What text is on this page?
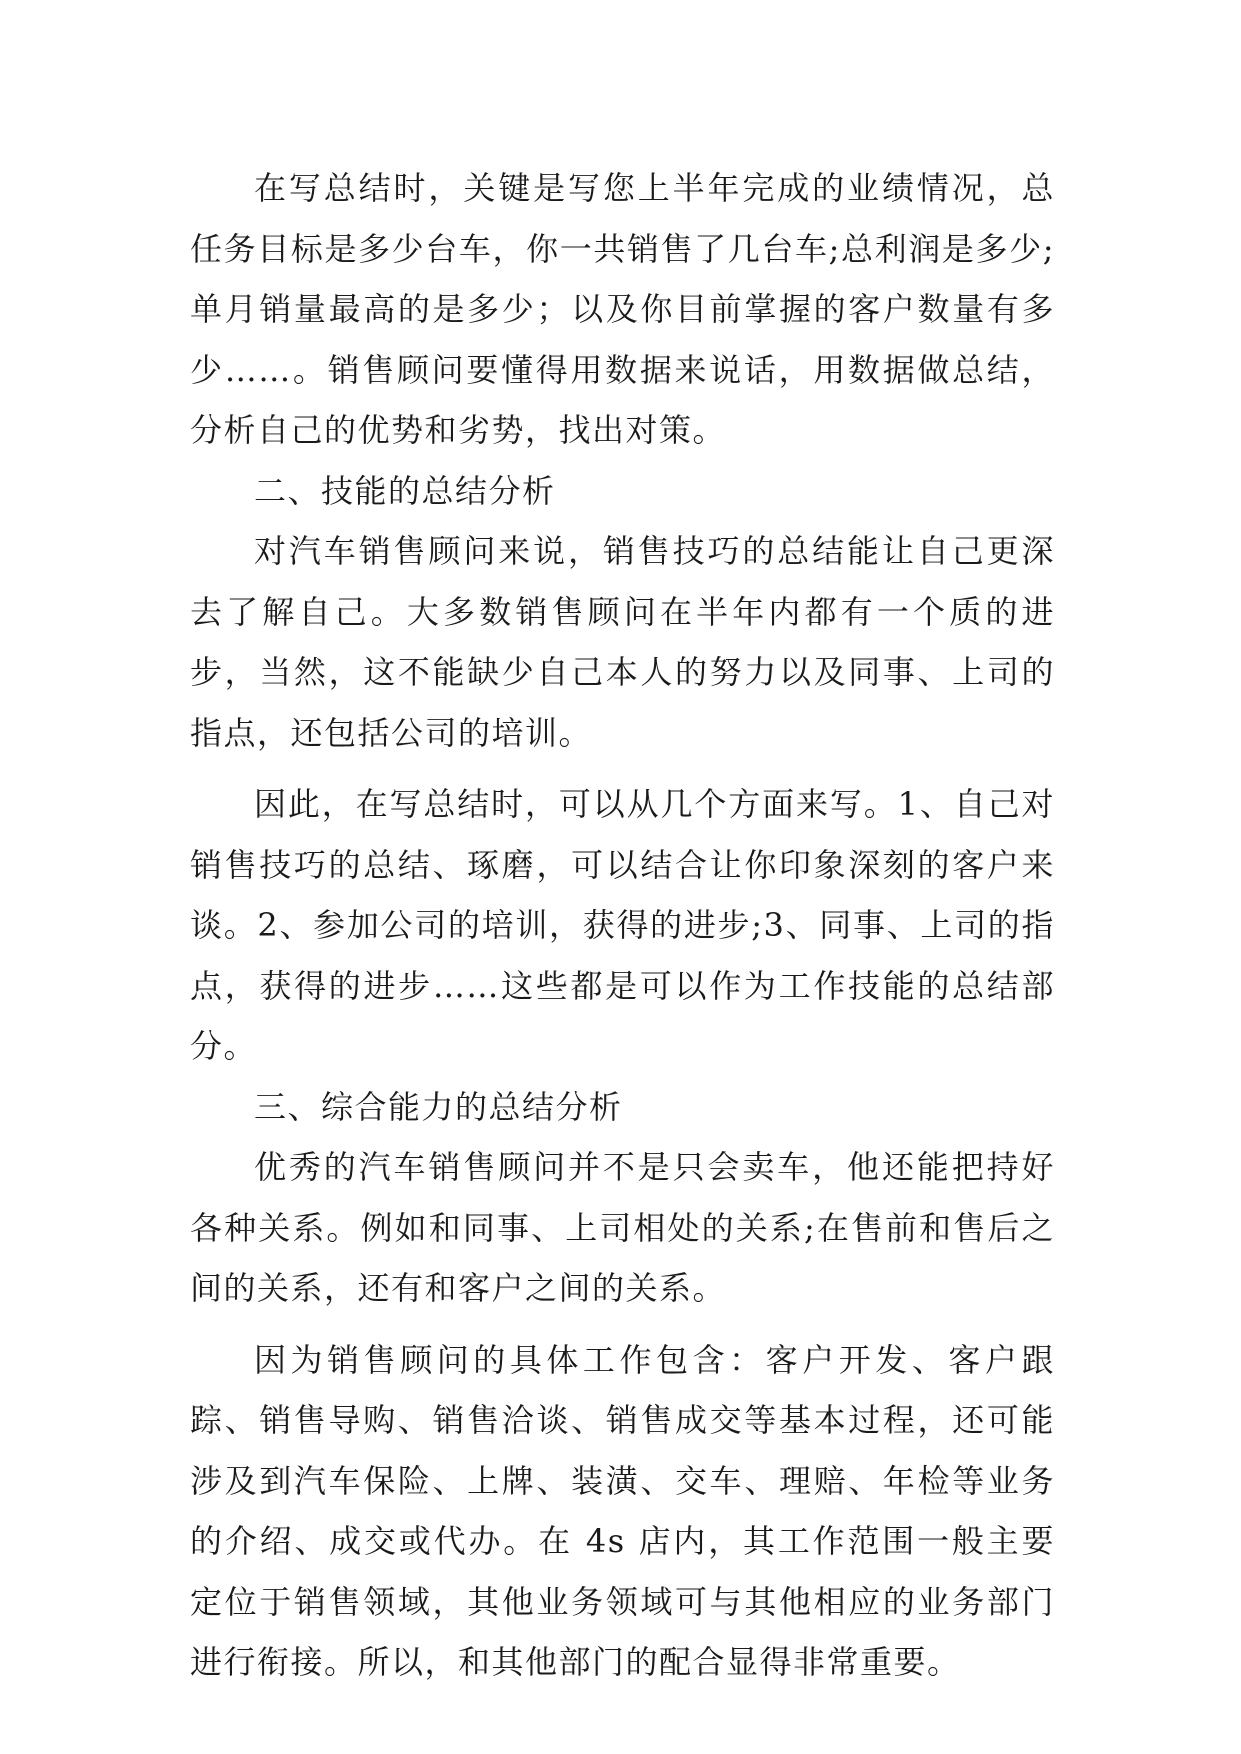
在写总结时，关键是写您上半年完成的业绩情况，总任务目标是多少台车，你一共销售了几台车;总利润是多少;单月销量最高的是多少；以及你目前掌握的客户数量有多少……。销售顾问要懂得用数据来说话，用数据做总结，分析自己的优势和劣势，找出对策。

二、技能的总结分析

对汽车销售顾问来说，销售技巧的总结能让自己更深去了解自己。大多数销售顾问在半年内都有一个质的进步，当然，这不能缺少自己本人的努力以及同事、上司的指点，还包括公司的培训。

因此，在写总结时，可以从几个方面来写。1、自己对销售技巧的总结、琢磨，可以结合让你印象深刻的客户来谈。2、参加公司的培训，获得的进步;3、同事、上司的指点，获得的进步……这些都是可以作为工作技能的总结部分。

三、综合能力的总结分析

优秀的汽车销售顾问并不是只会卖车，他还能把持好各种关系。例如和同事、上司相处的关系;在售前和售后之间的关系，还有和客户之间的关系。

因为销售顾问的具体工作包含：客户开发、客户跟踪、销售导购、销售洽谈、销售成交等基本过程，还可能涉及到汽车保险、上牌、装潢、交车、理赔、年检等业务的介绍、成交或代办。在 4s 店内，其工作范围一般主要定位于销售领域，其他业务领域可与其他相应的业务部门进行衔接。所以，和其他部门的配合显得非常重要。
